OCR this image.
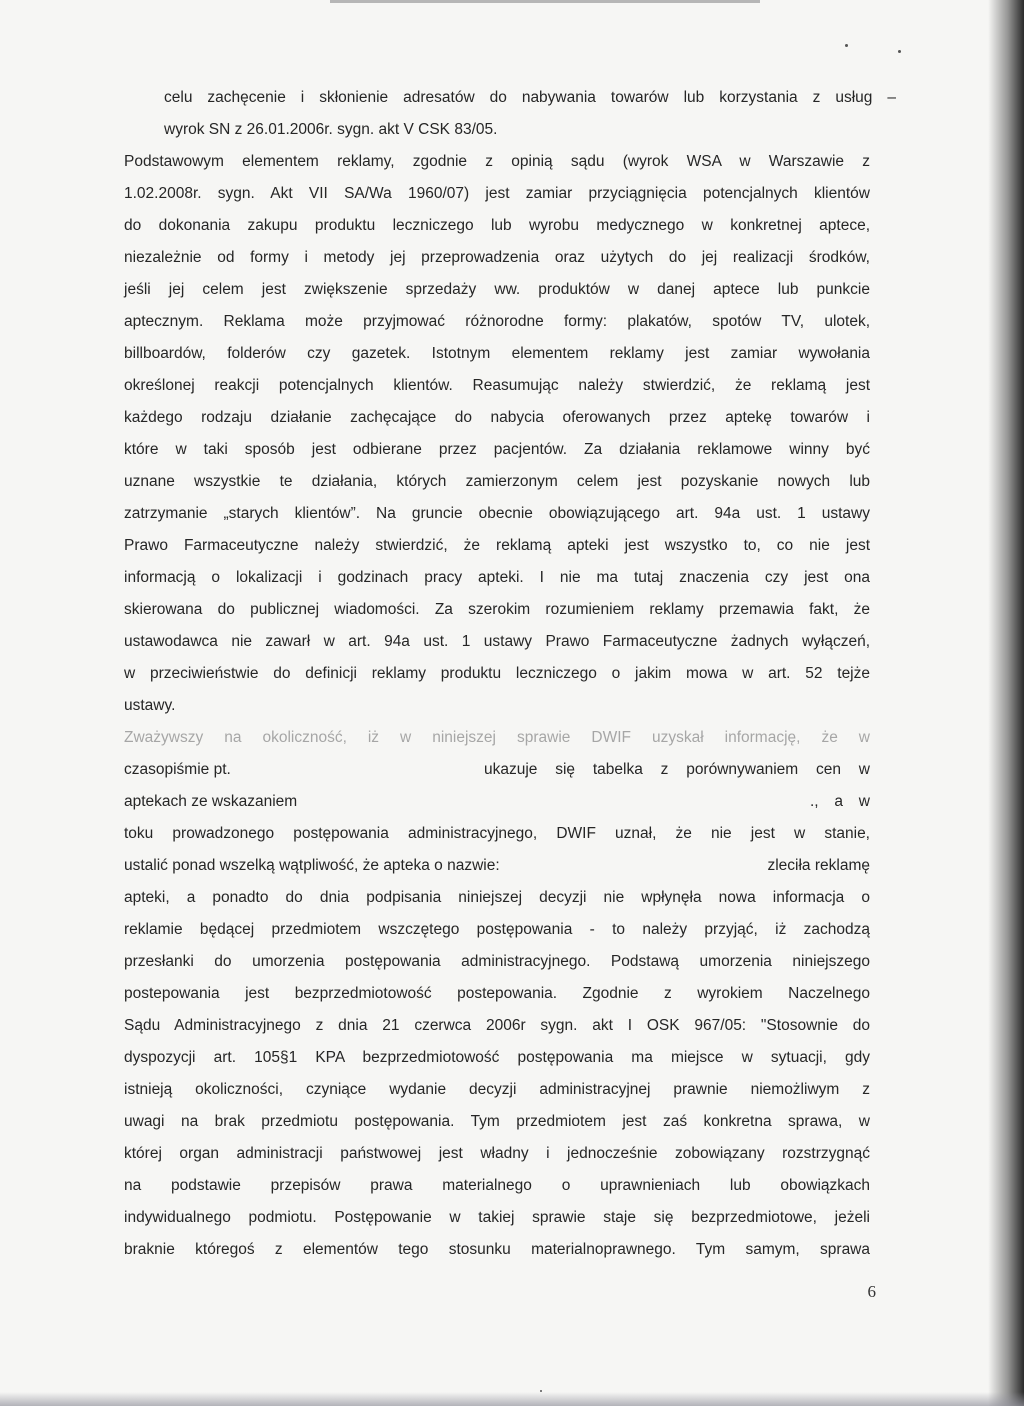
celu zachęcenie i skłonienie adresatów do nabywania towarów lub korzystania z usług –
wyrok SN z 26.01.2006r. sygn. akt V CSK 83/05.
Podstawowym elementem reklamy, zgodnie z opinią sądu (wyrok WSA w Warszawie z
1.02.2008r. sygn. Akt VII SA/Wa 1960/07) jest zamiar przyciągnięcia potencjalnych klientów
do dokonania zakupu produktu leczniczego lub wyrobu medycznego w konkretnej aptece,
niezależnie od formy i metody jej przeprowadzenia oraz użytych do jej realizacji środków,
jeśli jej celem jest zwiększenie sprzedaży ww. produktów w danej aptece lub punkcie
aptecznym. Reklama może przyjmować różnorodne formy: plakatów, spotów TV, ulotek,
billboardów, folderów czy gazetek. Istotnym elementem reklamy jest zamiar wywołania
określonej reakcji potencjalnych klientów. Reasumując należy stwierdzić, że reklamą jest
każdego rodzaju działanie zachęcające do nabycia oferowanych przez aptekę towarów i
które w taki sposób jest odbierane przez pacjentów. Za działania reklamowe winny być
uznane wszystkie te działania, których zamierzonym celem jest pozyskanie nowych lub
zatrzymanie „starych klientów”. Na gruncie obecnie obowiązującego art. 94a ust. 1 ustawy
Prawo Farmaceutyczne należy stwierdzić, że reklamą apteki jest wszystko to, co nie jest
informacją o lokalizacji i godzinach pracy apteki. I nie ma tutaj znaczenia czy jest ona
skierowana do publicznej wiadomości. Za szerokim rozumieniem reklamy przemawia fakt, że
ustawodawca nie zawarł w art. 94a ust. 1 ustawy Prawo Farmaceutyczne żadnych wyłączeń,
w przeciwieństwie do definicji reklamy produktu leczniczego o jakim mowa w art. 52 tejże
ustawy.
Zważywszy na okoliczność, iż w niniejszej sprawie DWIF uzyskał informację, że w
czasopiśmie pt.	ukazuje się tabelka z porównywaniem cen w
aptekach ze wskazaniem	., a w
toku prowadzonego postępowania administracyjnego, DWIF uznał, że nie jest w stanie,
ustalić ponad wszelką wątpliwość, że apteka o nazwie:	zleciła reklamę
apteki, a ponadto do dnia podpisania niniejszej decyzji nie wpłynęła nowa informacja o
reklamie będącej przedmiotem wszczętego postępowania - to należy przyjąć, iż zachodzą
przesłanki do umorzenia postępowania administracyjnego. Podstawą umorzenia niniejszego
postepowania jest bezprzedmiotowość postepowania. Zgodnie z wyrokiem Naczelnego
Sądu Administracyjnego z dnia 21 czerwca 2006r sygn. akt I OSK 967/05: "Stosownie do
dyspozycji art. 105§1 KPA bezprzedmiotowość postępowania ma miejsce w sytuacji, gdy
istnieją okoliczności, czyniące wydanie decyzji administracyjnej prawnie niemożliwym z
uwagi na brak przedmiotu postępowania. Tym przedmiotem jest zaś konkretna sprawa, w
której organ administracji państwowej jest władny i jednocześnie zobowiązany rozstrzygnąć
na podstawie przepisów prawa materialnego o uprawnieniach lub obowiązkach
indywidualnego podmiotu. Postępowanie w takiej sprawie staje się bezprzedmiotowe, jeżeli
braknie któregoś z elementów tego stosunku materialnoprawnego. Tym samym, sprawa
6
